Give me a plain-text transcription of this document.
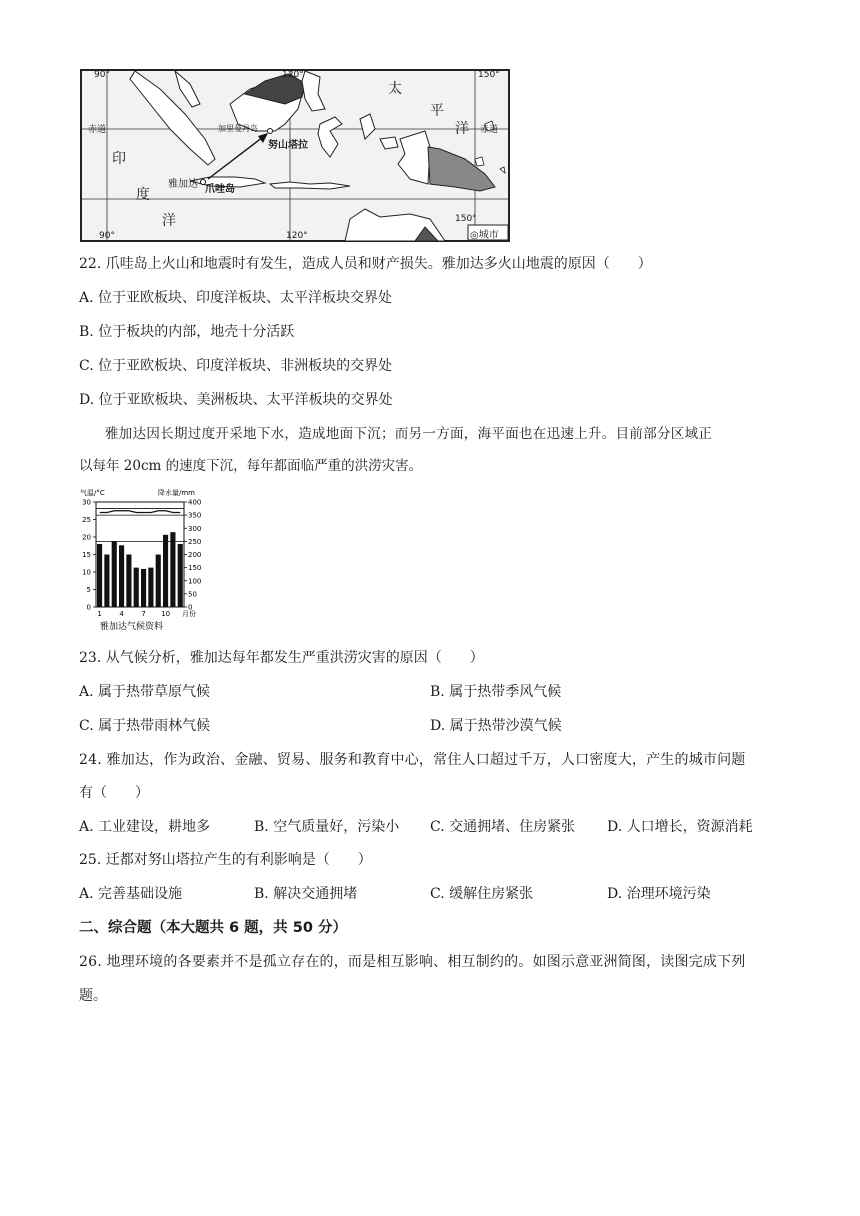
90°	120°	150°
90°	120°
150°
赤道	赤道
印
度
洋
太
平
洋
加里曼丹岛
努山塔拉
雅加达 爪哇岛
◎城市
22. 爪哇岛上火山和地震时有发生，造成人员和财产损失。雅加达多火山地震的原因（　　）
A. 位于亚欧板块、印度洋板块、太平洋板块交界处
B. 位于板块的内部，地壳十分活跃
C. 位于亚欧板块、印度洋板块、非洲板块的交界处
D. 位于亚欧板块、美洲板块、太平洋板块的交界处
雅加达因长期过度开采地下水，造成地面下沉；而另一方面，海平面也在迅速上升。目前部分区域正
以每年 20cm 的速度下沉，每年都面临严重的洪涝灾害。
气温/°C	降水量/mm
0
5
10
15
20
25
30
0
50
100
150
200
250
300
350
400
1	4	7 10 月份
雅加达气候资料
23. 从气候分析，雅加达每年都发生严重洪涝灾害的原因（　　）
A. 属于热带草原气候	B. 属于热带季风气候
C. 属于热带雨林气候	D. 属于热带沙漠气候
24. 雅加达，作为政治、金融、贸易、服务和教育中心，常住人口超过千万，人口密度大，产生的城市问题
有（　　）
A. 工业建设，耕地多	B. 空气质量好，污染小 C. 交通拥堵、住房紧张 D. 人口增长，资源消耗
25. 迁都对努山塔拉产生的有利影响是（　　）
A. 完善基础设施	B. 解决交通拥堵	C. 缓解住房紧张	D. 治理环境污染
二、综合题（本大题共 6 题，共 50 分）
26. 地理环境的各要素并不是孤立存在的，而是相互影响、相互制约的。如图示意亚洲简图，读图完成下列
题。
